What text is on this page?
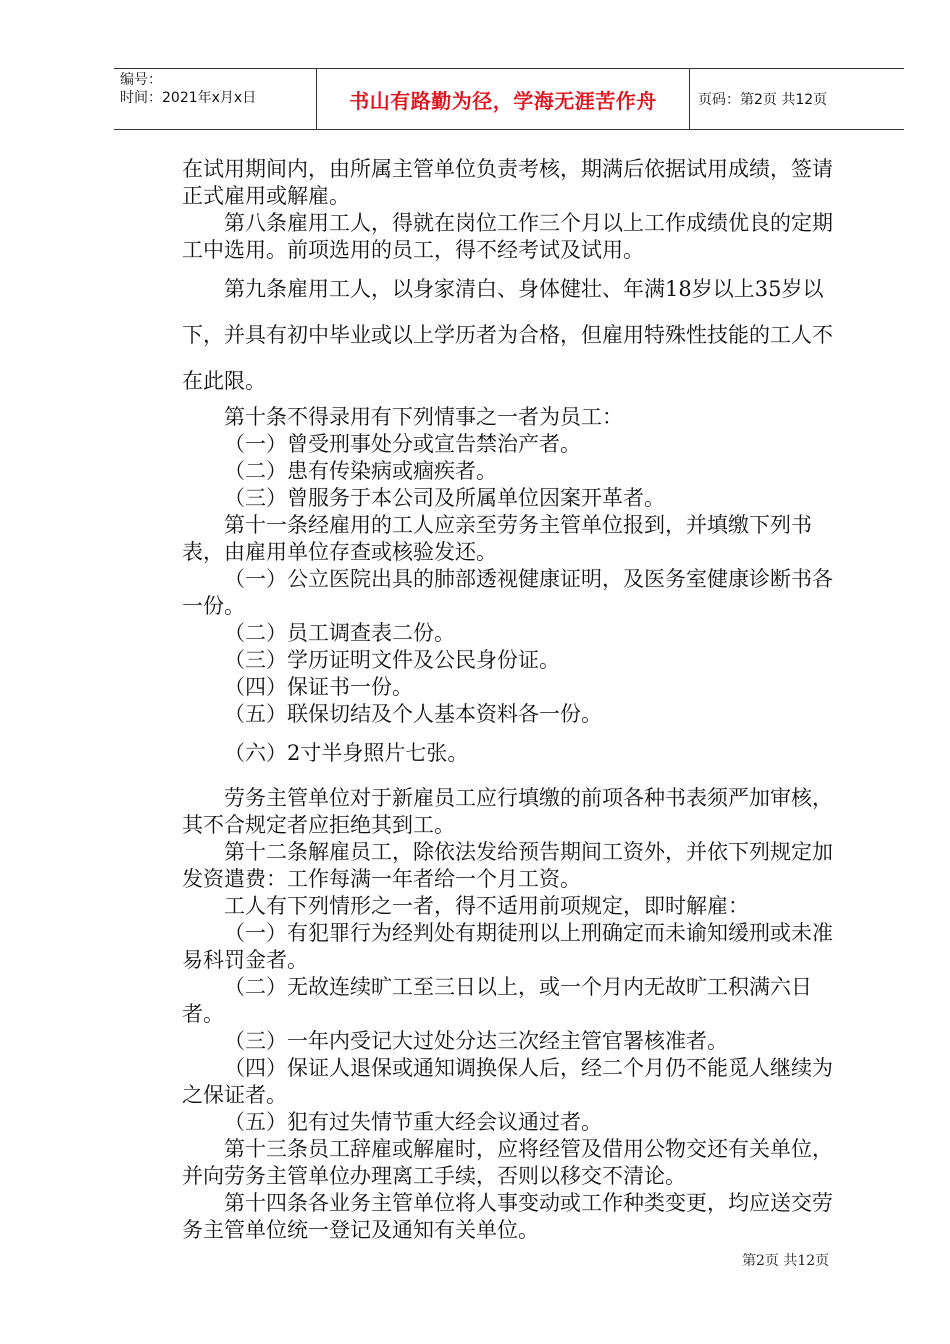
编号：
时间：2021年x月x日	书山有路勤为径，学海无涯苦作舟	页码：第2页 共12页

在试用期间内，由所属主管单位负责考核，期满后依据试用成绩，签请正式雇用或解雇。

第八条雇用工人，得就在岗位工作三个月以上工作成绩优良的定期工中选用。前项选用的员工，得不经考试及试用。

第九条雇用工人，以身家清白、身体健壮、年满18岁以上35岁以下，并具有初中毕业或以上学历者为合格，但雇用特殊性技能的工人不在此限。

第十条不得录用有下列情事之一者为员工：

（一）曾受刑事处分或宣告禁治产者。

（二）患有传染病或痼疾者。

（三）曾服务于本公司及所属单位因案开革者。

第十一条经雇用的工人应亲至劳务主管单位报到，并填缴下列书表，由雇用单位存查或核验发还。

（一）公立医院出具的肺部透视健康证明，及医务室健康诊断书各一份。

（二）员工调查表二份。

（三）学历证明文件及公民身份证。

（四）保证书一份。

（五）联保切结及个人基本资料各一份。

（六）2寸半身照片七张。

劳务主管单位对于新雇员工应行填缴的前项各种书表须严加审核，其不合规定者应拒绝其到工。

第十二条解雇员工，除依法发给预告期间工资外，并依下列规定加发资遣费：工作每满一年者给一个月工资。

工人有下列情形之一者，得不适用前项规定，即时解雇：

（一）有犯罪行为经判处有期徒刑以上刑确定而未谕知缓刑或未准易科罚金者。

（二）无故连续旷工至三日以上，或一个月内无故旷工积满六日者。

（三）一年内受记大过处分达三次经主管官署核准者。

（四）保证人退保或通知调换保人后，经二个月仍不能觅人继续为之保证者。

（五）犯有过失情节重大经会议通过者。

第十三条员工辞雇或解雇时，应将经管及借用公物交还有关单位，并向劳务主管单位办理离工手续，否则以移交不清论。

第十四条各业务主管单位将人事变动或工作种类变更，均应送交劳务主管单位统一登记及通知有关单位。

第2页 共12页
